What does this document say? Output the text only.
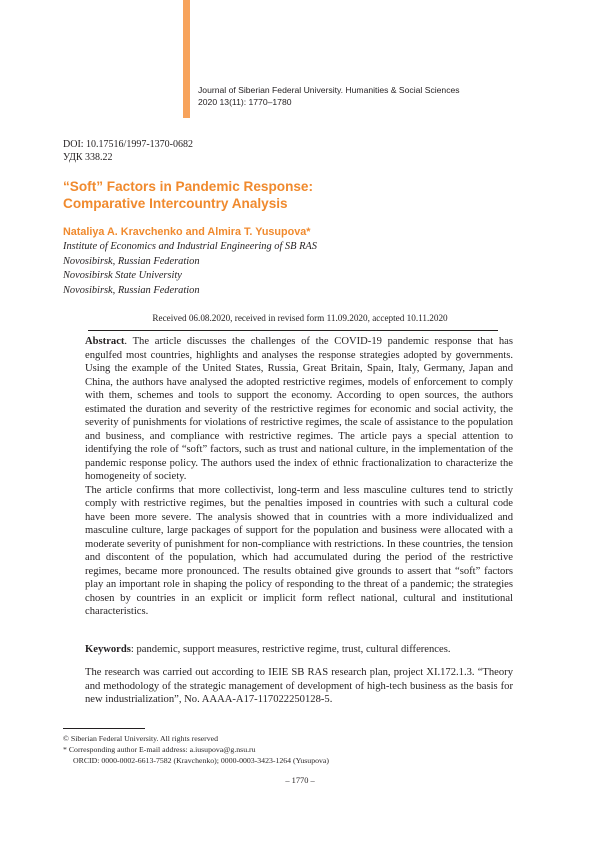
Journal of Siberian Federal University. Humanities & Social Sciences
2020 13(11): 1770–1780
DOI: 10.17516/1997-1370-0682
УДК 338.22
“Soft” Factors in Pandemic Response:
Comparative Intercountry Analysis
Nataliya A. Kravchenko and Almira T. Yusupova*
Institute of Economics and Industrial Engineering of SB RAS
Novosibirsk, Russian Federation
Novosibirsk State University
Novosibirsk, Russian Federation
Received 06.08.2020, received in revised form 11.09.2020, accepted 10.11.2020

Abstract. The article discusses the challenges of the COVID-19 pandemic response that has engulfed most countries, highlights and analyses the response strategies adopted by governments. Using the example of the United States, Russia, Great Britain, Spain, Italy, Germany, Japan and China, the authors have analysed the adopted restrictive regimes, models of enforcement to comply with them, schemes and tools to support the economy. According to open sources, the authors estimated the duration and severity of the restrictive regimes for economic and social activity, the severity of punishments for violations of restrictive regimes, the scale of assistance to the population and business, and compliance with restrictive regimes. The article pays a special attention to identifying the role of “soft” factors, such as trust and national culture, in the implementation of the pandemic response policy. The authors used the index of ethnic fractionalization to characterize the homogeneity of society.

The article confirms that more collectivist, long-term and less masculine cultures tend to strictly comply with restrictive regimes, but the penalties imposed in countries with such a cultural code have been more severe. The analysis showed that in countries with a more individualized and masculine culture, large packages of support for the population and business were allocated with a moderate severity of punishment for non-compliance with restrictions. In these countries, the tension and discontent of the population, which had accumulated during the period of the restrictive regimes, became more pronounced. The results obtained give grounds to assert that “soft” factors play an important role in shaping the policy of responding to the threat of a pandemic; the strategies chosen by countries in an explicit or implicit form reflect national, cultural and institutional characteristics.

Keywords: pandemic, support measures, restrictive regime, trust, cultural differences.
The research was carried out according to IEIE SB RAS research plan, project XI.172.1.3. “Theory and methodology of the strategic management of development of high-tech business as the basis for new industrialization”, No. AAAA-A17-117022250128-5.
© Siberian Federal University. All rights reserved
* Corresponding author E-mail address: a.iusupova@g.nsu.ru
ORCID: 0000-0002-6613-7582 (Kravchenko); 0000-0003-3423-1264 (Yusupova)
– 1770 –
